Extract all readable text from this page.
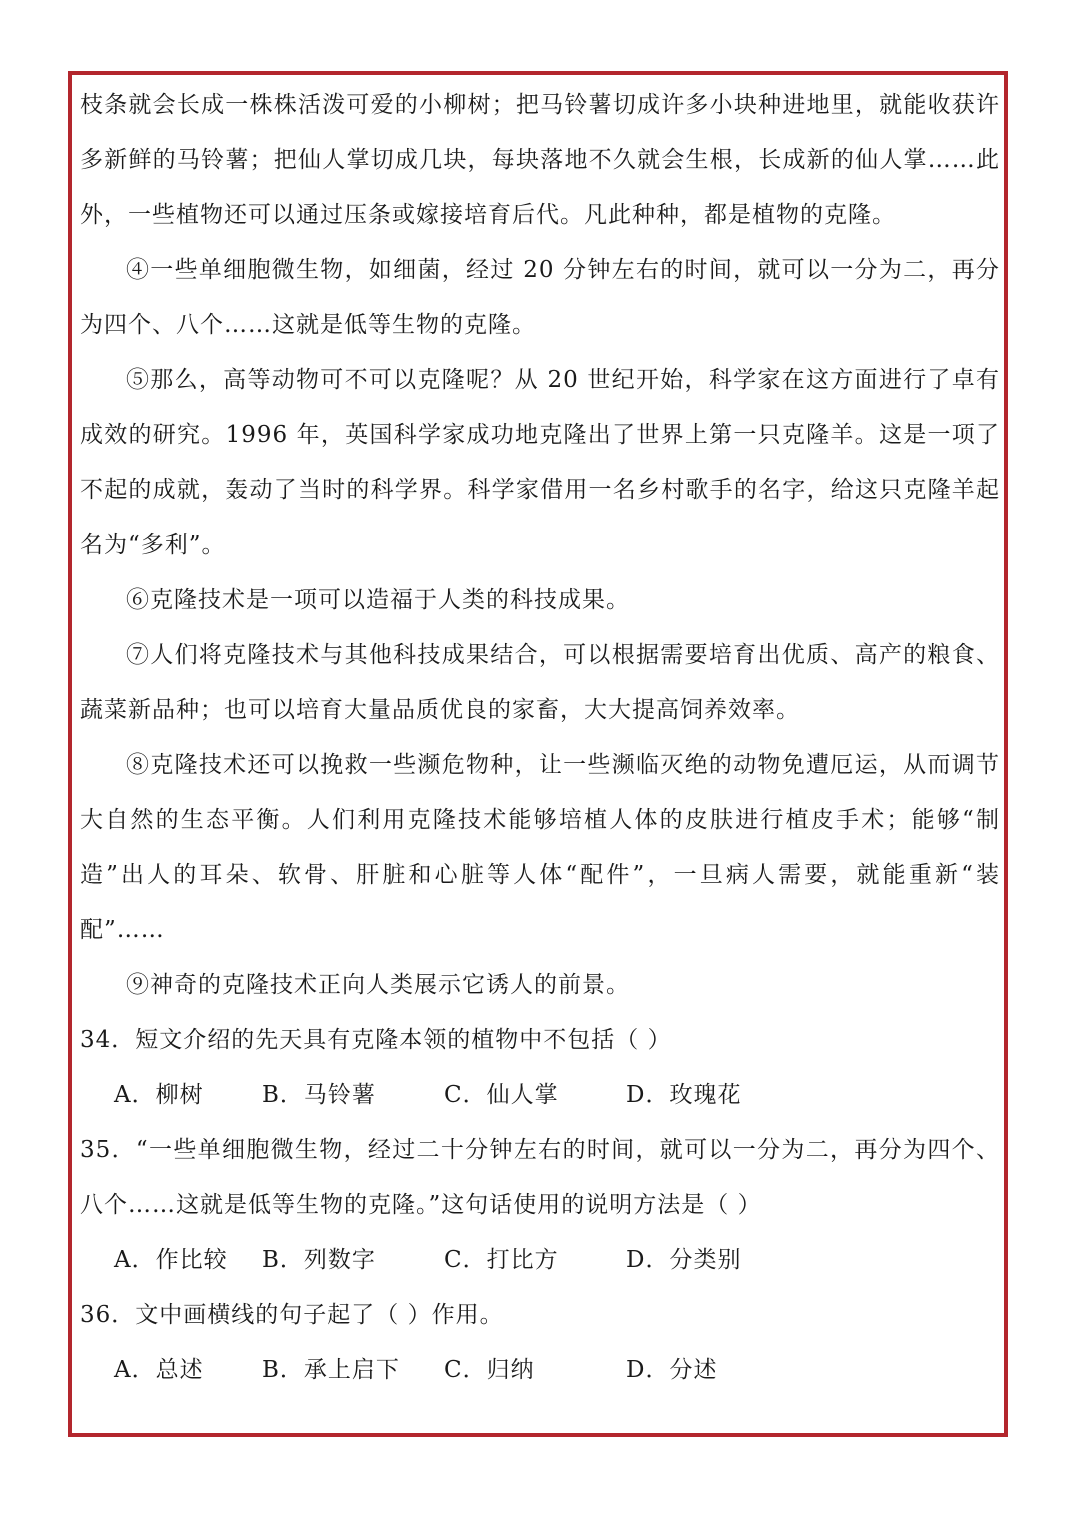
枝条就会长成一株株活泼可爱的小柳树；把马铃薯切成许多小块种进地里，就能收获许多新鲜的马铃薯；把仙人掌切成几块，每块落地不久就会生根，长成新的仙人掌……此外，一些植物还可以通过压条或嫁接培育后代。凡此种种，都是植物的克隆。

④一些单细胞微生物，如细菌，经过 20 分钟左右的时间，就可以一分为二，再分为四个、八个……这就是低等生物的克隆。

⑤那么，高等动物可不可以克隆呢？从 20 世纪开始，科学家在这方面进行了卓有成效的研究。1996 年，英国科学家成功地克隆出了世界上第一只克隆羊。这是一项了不起的成就，轰动了当时的科学界。科学家借用一名乡村歌手的名字，给这只克隆羊起名为“多利”。

⑥克隆技术是一项可以造福于人类的科技成果。

⑦人们将克隆技术与其他科技成果结合，可以根据需要培育出优质、高产的粮食、蔬菜新品种；也可以培育大量品质优良的家畜，大大提高饲养效率。

⑧克隆技术还可以挽救一些濒危物种，让一些濒临灭绝的动物免遭厄运，从而调节大自然的生态平衡。人们利用克隆技术能够培植人体的皮肤进行植皮手术；能够“制造”出人的耳朵、软骨、肝脏和心脏等人体“配件”，一旦病人需要，就能重新“装配”……

⑨神奇的克隆技术正向人类展示它诱人的前景。

34．短文介绍的先天具有克隆本领的植物中不包括（ ）

A．柳树	B．马铃薯	C．仙人掌	D．玫瑰花

35．“一些单细胞微生物，经过二十分钟左右的时间，就可以一分为二，再分为四个、八个……这就是低等生物的克隆。”这句话使用的说明方法是（ ）

A．作比较	B．列数字	C．打比方	D．分类别

36．文中画横线的句子起了（ ）作用。

A．总述	B．承上启下	C．归纳	D．分述
